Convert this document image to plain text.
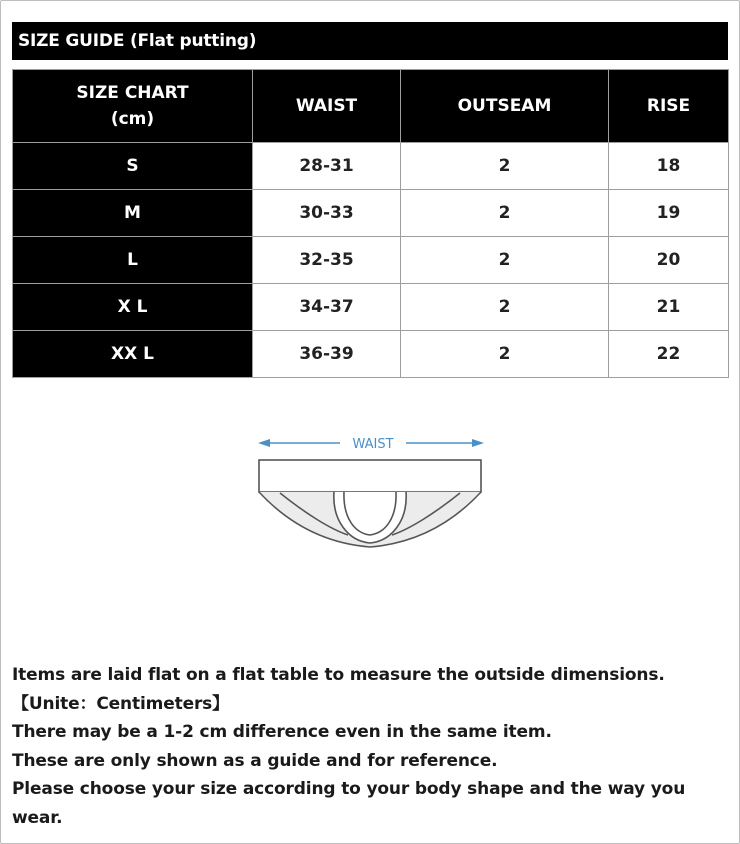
SIZE GUIDE (Flat putting)
SIZE CHART
(cm)	WAIST	OUTSEAM	RISE
S	28-31	2	18
M	30-33	2	19
L	32-35	2	20
X L	34-37	2	21
XX L	36-39	2	22
WAIST

Items are laid flat on a flat table to measure the outside dimensions.【Unite：Centimeters】

There may be a 1-2 cm difference even in the same item.

These are only shown as a guide and for reference.

Please choose your size according to your body shape and the way you wear.
